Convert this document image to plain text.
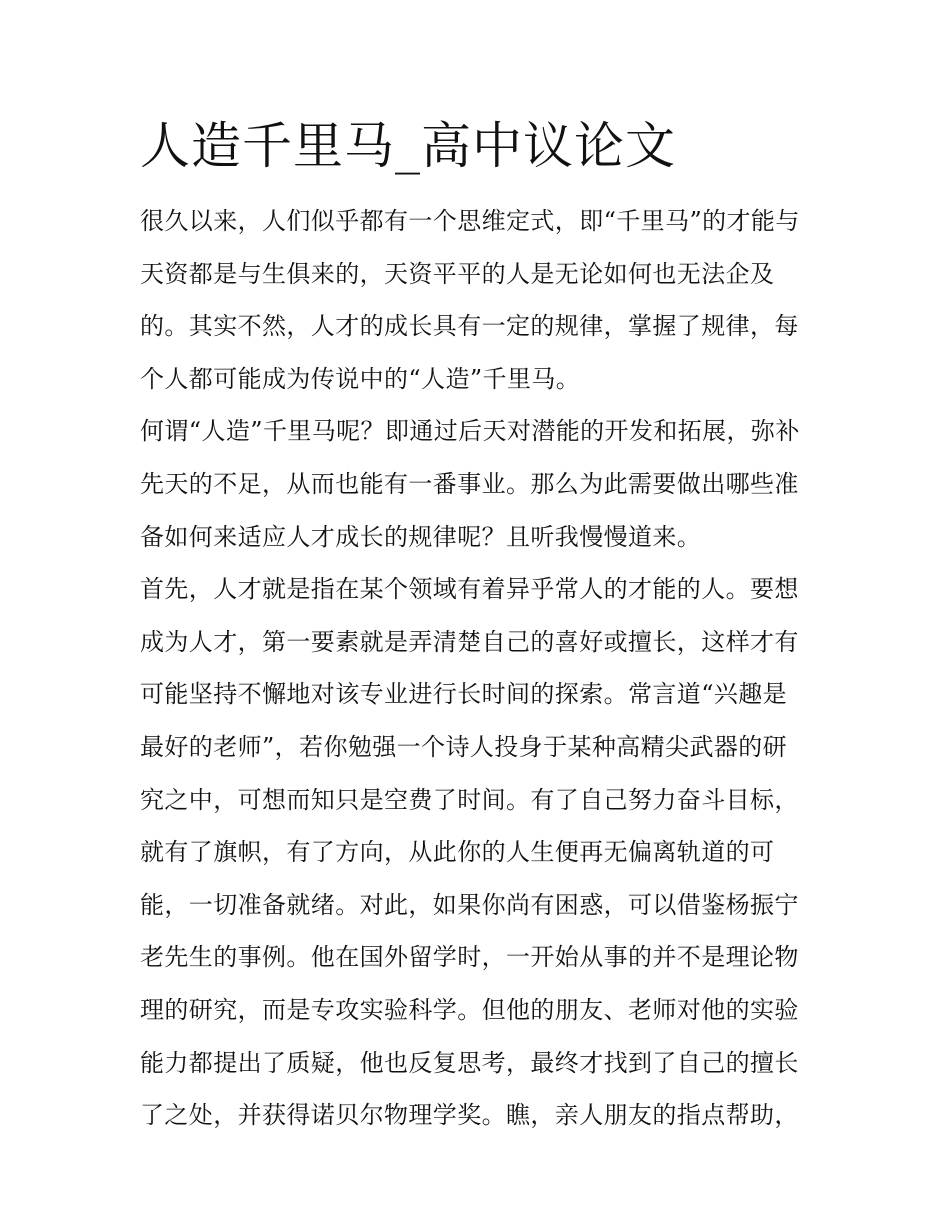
人造千里马_高中议论文
很久以来，人们似乎都有一个思维定式，即“千里马”的才能与
天资都是与生俱来的，天资平平的人是无论如何也无法企及
的。其实不然，人才的成长具有一定的规律，掌握了规律，每
个人都可能成为传说中的“人造”千里马。
何谓“人造”千里马呢？即通过后天对潜能的开发和拓展，弥补
先天的不足，从而也能有一番事业。那么为此需要做出哪些准
备如何来适应人才成长的规律呢？且听我慢慢道来。
首先，人才就是指在某个领域有着异乎常人的才能的人。要想
成为人才，第一要素就是弄清楚自己的喜好或擅长，这样才有
可能坚持不懈地对该专业进行长时间的探索。常言道“兴趣是
最好的老师”，若你勉强一个诗人投身于某种高精尖武器的研
究之中，可想而知只是空费了时间。有了自己努力奋斗目标，
就有了旗帜，有了方向，从此你的人生便再无偏离轨道的可
能，一切准备就绪。对此，如果你尚有困惑，可以借鉴杨振宁
老先生的事例。他在国外留学时，一开始从事的并不是理论物
理的研究，而是专攻实验科学。但他的朋友、老师对他的实验
能力都提出了质疑，他也反复思考，最终才找到了自己的擅长
了之处，并获得诺贝尔物理学奖。瞧，亲人朋友的指点帮助，
